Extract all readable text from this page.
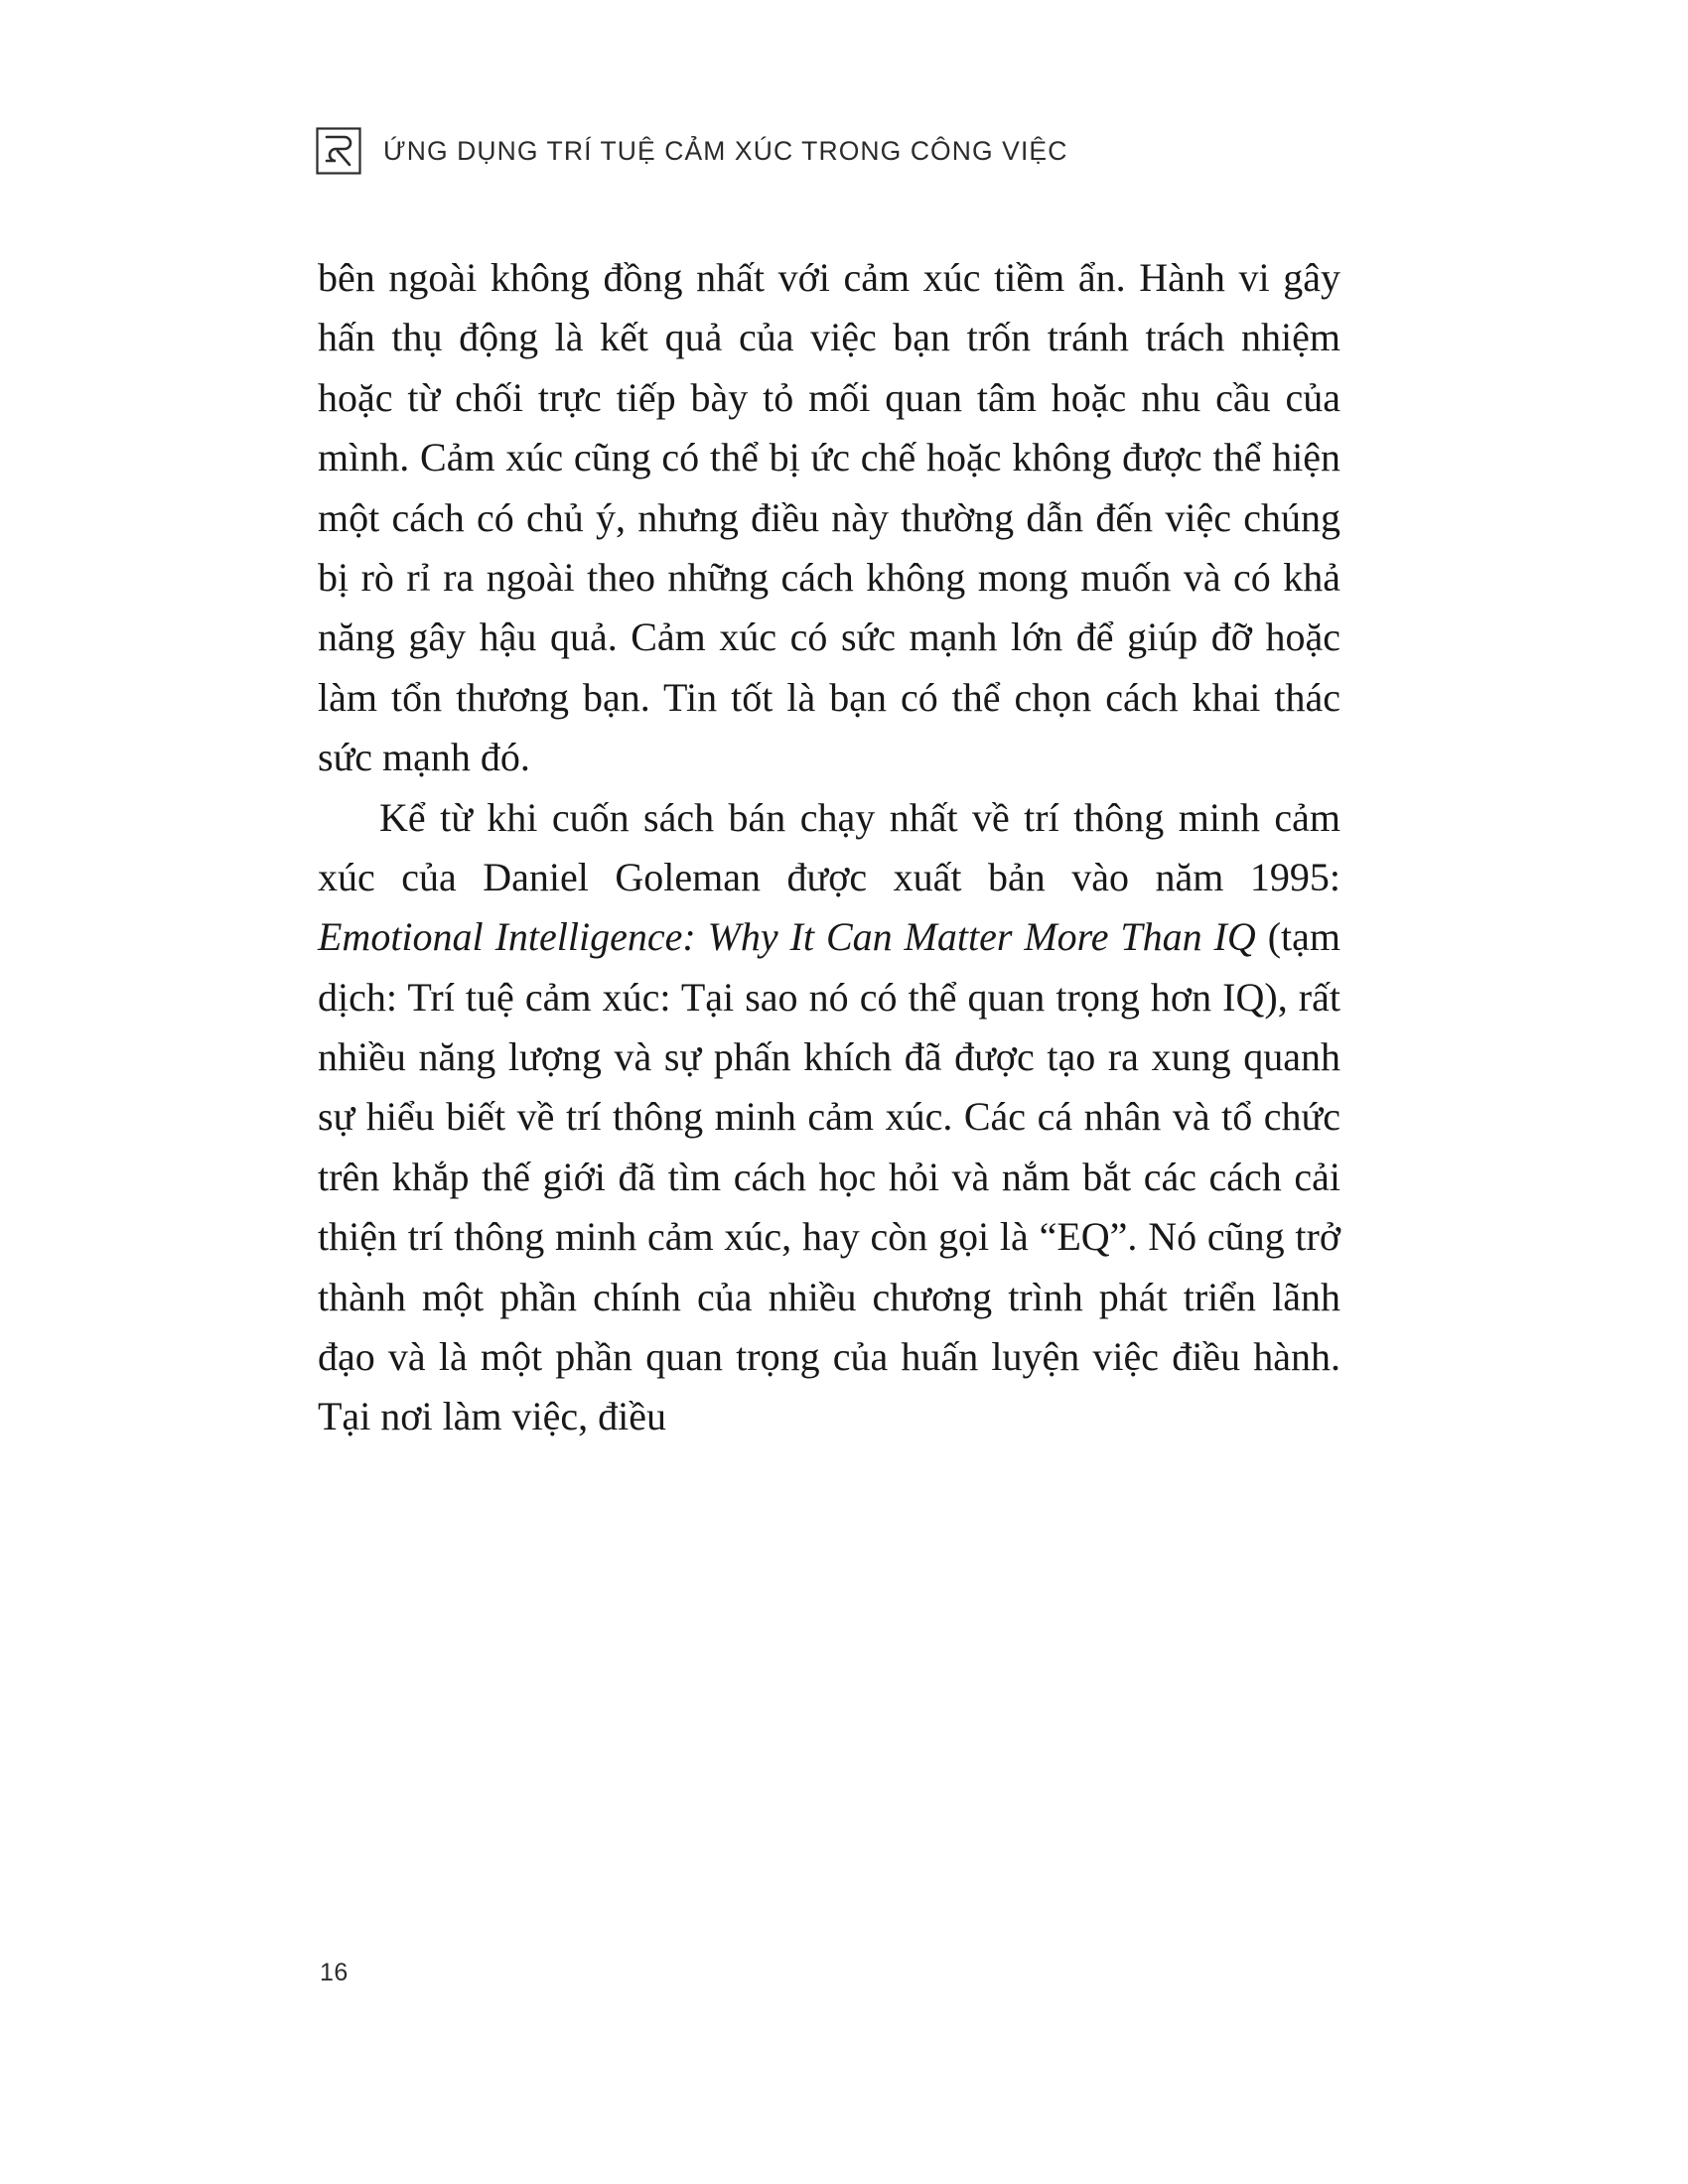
ỨNG DỤNG TRÍ TUỆ CẢM XÚC TRONG CÔNG VIỆC

bên ngoài không đồng nhất với cảm xúc tiềm ẩn. Hành vi gây hấn thụ động là kết quả của việc bạn trốn tránh trách nhiệm hoặc từ chối trực tiếp bày tỏ mối quan tâm hoặc nhu cầu của mình. Cảm xúc cũng có thể bị ức chế hoặc không được thể hiện một cách có chủ ý, nhưng điều này thường dẫn đến việc chúng bị rò rỉ ra ngoài theo những cách không mong muốn và có khả năng gây hậu quả. Cảm xúc có sức mạnh lớn để giúp đỡ hoặc làm tổn thương bạn. Tin tốt là bạn có thể chọn cách khai thác sức mạnh đó.

Kể từ khi cuốn sách bán chạy nhất về trí thông minh cảm xúc của Daniel Goleman được xuất bản vào năm 1995: Emotional Intelligence: Why It Can Matter More Than IQ (tạm dịch: Trí tuệ cảm xúc: Tại sao nó có thể quan trọng hơn IQ), rất nhiều năng lượng và sự phấn khích đã được tạo ra xung quanh sự hiểu biết về trí thông minh cảm xúc. Các cá nhân và tổ chức trên khắp thế giới đã tìm cách học hỏi và nắm bắt các cách cải thiện trí thông minh cảm xúc, hay còn gọi là “EQ”. Nó cũng trở thành một phần chính của nhiều chương trình phát triển lãnh đạo và là một phần quan trọng của huấn luyện việc điều hành. Tại nơi làm việc, điều

16
